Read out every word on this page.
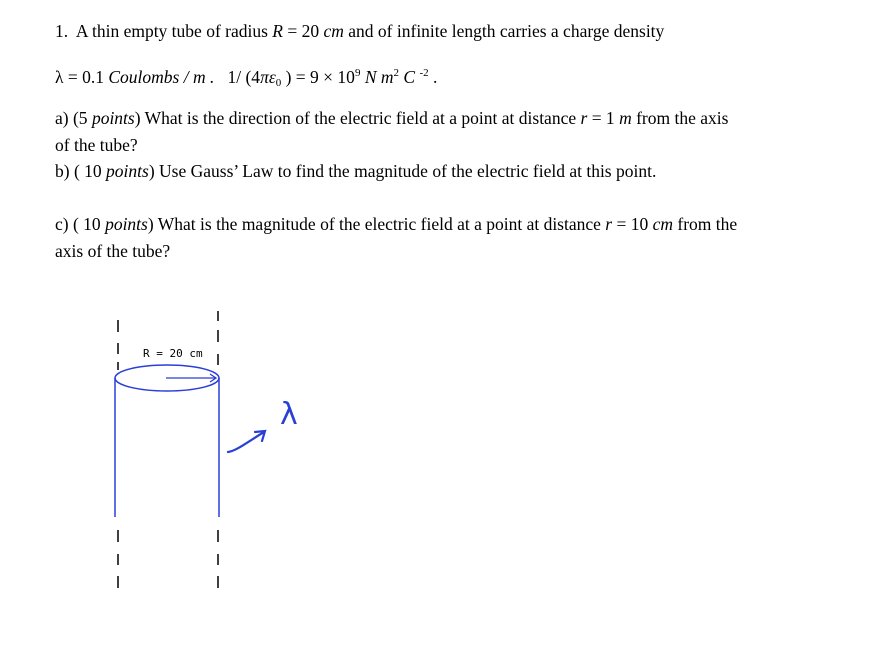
1. A thin empty tube of radius R = 20 cm and of infinite length carries a charge density
λ = 0.1 Coulombs / m . 1/ ($4\pi\varepsilon_0$ ) = $9 \times 10^9$ N $m^2$ C $^{-2}$ .
a) (5 points) What is the direction of the electric field at a point at distance r = 1 m from the axis
of the tube?
b) ( 10 points) Use Gauss’ Law to find the magnitude of the electric field at this point.
c) ( 10 points) What is the magnitude of the electric field at a point at distance r = 10 cm from the
axis of the tube?
R = 20 cm
λ
